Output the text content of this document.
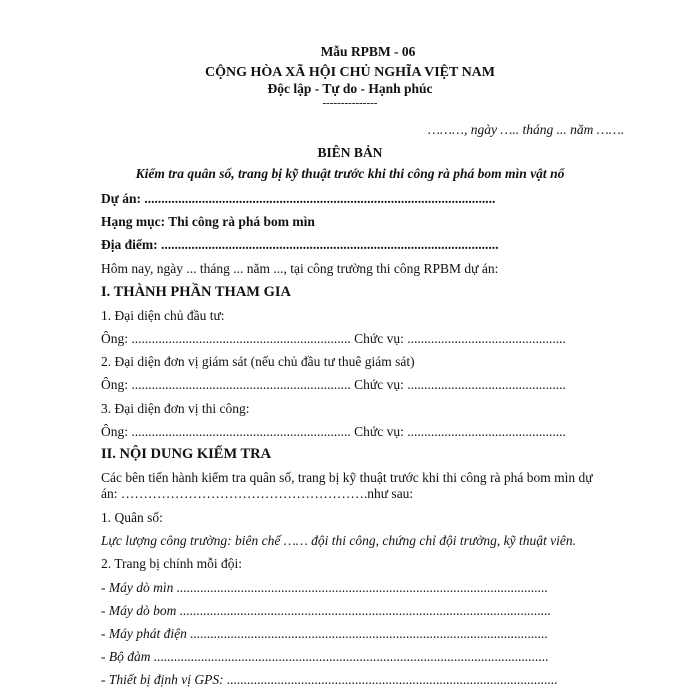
Mẫu RPBM - 06
CỘNG HÒA XÃ HỘI CHỦ NGHĨA VIỆT NAM
Độc lập - Tự do - Hạnh phúc
---------------
………, ngày ….. tháng ... năm …….
BIÊN BẢN
Kiểm tra quân số, trang bị kỹ thuật trước khi thi công rà phá bom mìn vật nổ
Dự án: ........................................................................................................
Hạng mục: Thi công rà phá bom mìn
Địa điểm: ....................................................................................................
Hôm nay, ngày ... tháng ... năm ..., tại công trường thi công RPBM dự án:
I. THÀNH PHẦN THAM GIA
1. Đại diện chủ đầu tư:
Ông: ................................................................. Chức vụ: ...............................................
2. Đại diện đơn vị giám sát (nếu chủ đầu tư thuê giám sát)
Ông: ................................................................. Chức vụ: ...............................................
3. Đại diện đơn vị thi công:
Ông: ................................................................. Chức vụ: ...............................................
II. NỘI DUNG KIỂM TRA
Các bên tiến hành kiểm tra quân số, trang bị kỹ thuật trước khi thi công rà phá bom mìn dự
án: ……………………………………………….như sau:
1. Quân số:
Lực lượng công trường: biên chế …… đội thi công, chứng chỉ đội trưởng, kỹ thuật viên.
2. Trang bị chính mỗi đội:
- Máy dò mìn ..............................................................................................................
- Máy dò bom ..............................................................................................................
- Máy phát điện ..........................................................................................................
- Bộ đàm .....................................................................................................................
- Thiết bị định vị GPS: ..................................................................................................
